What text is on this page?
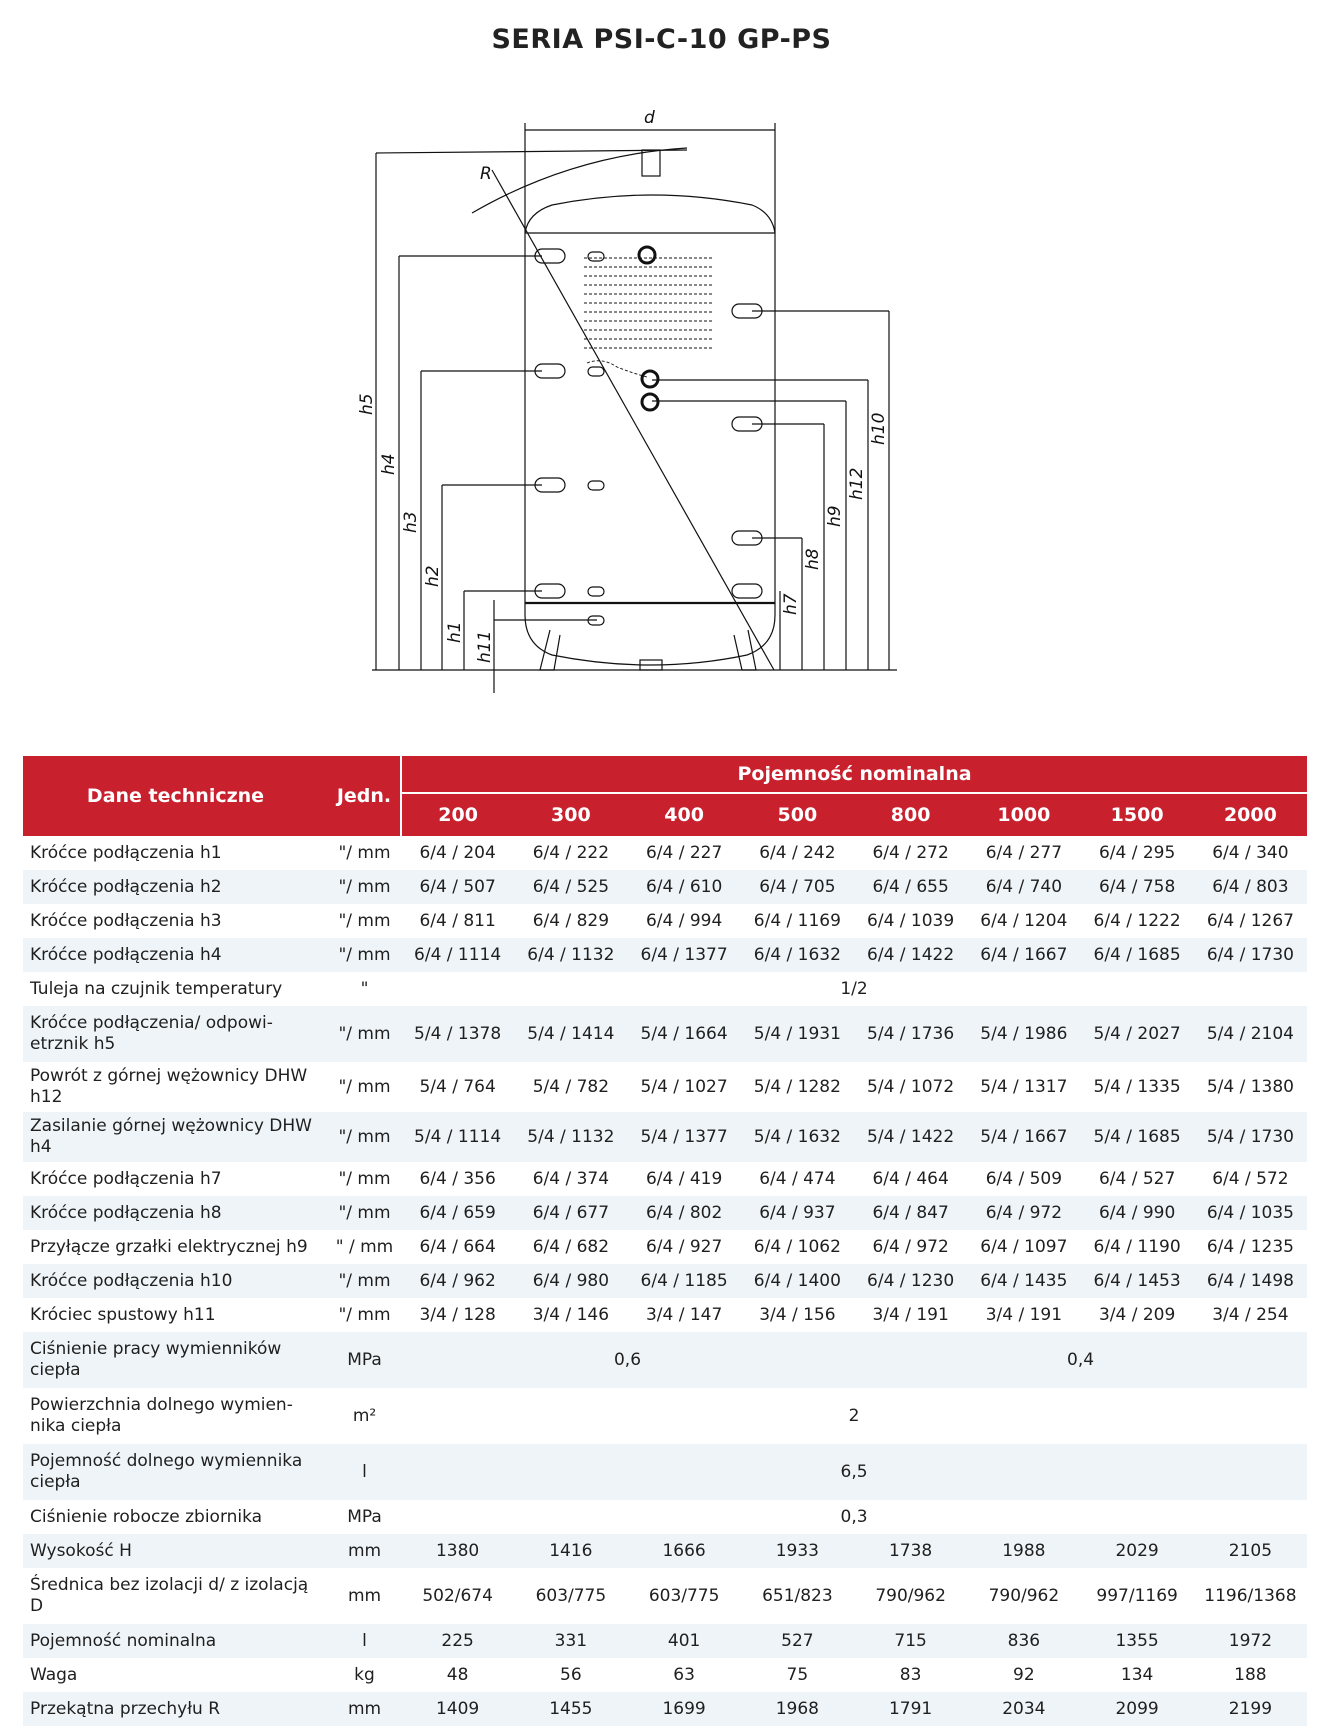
SERIA PSI-C-10 GP-PS
d
R
h5
h4
h3
h2
h1 h11
h7
h8
h9
h12
h10
Dane techniczne	Jedn.	Pojemność nominalna							
		200	300	400	500	800	1000	1500	2000
Króćce podłączenia h1	"/ mm	6/4 / 204	6/4 / 222	6/4 / 227	6/4 / 242	6/4 / 272	6/4 / 277	6/4 / 295	6/4 / 340
Króćce podłączenia h2	"/ mm	6/4 / 507	6/4 / 525	6/4 / 610	6/4 / 705	6/4 / 655	6/4 / 740	6/4 / 758	6/4 / 803
Króćce podłączenia h3	"/ mm	6/4 / 811	6/4 / 829	6/4 / 994	6/4 / 1169	6/4 / 1039	6/4 / 1204	6/4 / 1222	6/4 / 1267
Króćce podłączenia h4	"/ mm	6/4 / 1114	6/4 / 1132	6/4 / 1377	6/4 / 1632	6/4 / 1422	6/4 / 1667	6/4 / 1685	6/4 / 1730
Tuleja na czujnik temperatury	"	1/2							
Króćce podłączenia/ odpowi-etrznik h5	"/ mm	5/4 / 1378	5/4 / 1414	5/4 / 1664	5/4 / 1931	5/4 / 1736	5/4 / 1986	5/4 / 2027	5/4 / 2104
Powrót z górnej wężownicy DHW h12	"/ mm	5/4 / 764	5/4 / 782	5/4 / 1027	5/4 / 1282	5/4 / 1072	5/4 / 1317	5/4 / 1335	5/4 / 1380
Zasilanie górnej wężownicy DHW h4	"/ mm	5/4 / 1114	5/4 / 1132	5/4 / 1377	5/4 / 1632	5/4 / 1422	5/4 / 1667	5/4 / 1685	5/4 / 1730
Króćce podłączenia h7	"/ mm	6/4 / 356	6/4 / 374	6/4 / 419	6/4 / 474	6/4 / 464	6/4 / 509	6/4 / 527	6/4 / 572
Króćce podłączenia h8	"/ mm	6/4 / 659	6/4 / 677	6/4 / 802	6/4 / 937	6/4 / 847	6/4 / 972	6/4 / 990	6/4 / 1035
Przyłącze grzałki elektrycznej h9	" / mm	6/4 / 664	6/4 / 682	6/4 / 927	6/4 / 1062	6/4 / 972	6/4 / 1097	6/4 / 1190	6/4 / 1235
Króćce podłączenia h10	"/ mm	6/4 / 962	6/4 / 980	6/4 / 1185	6/4 / 1400	6/4 / 1230	6/4 / 1435	6/4 / 1453	6/4 / 1498
Króciec spustowy h11	"/ mm	3/4 / 128	3/4 / 146	3/4 / 147	3/4 / 156	3/4 / 191	3/4 / 191	3/4 / 209	3/4 / 254
Ciśnienie pracy wymienników ciepła	MPa	0,6				0,4			
Powierzchnia dolnego wymien-nika ciepła	m²	2							
Pojemność dolnego wymiennika ciepła	l	6,5							
Ciśnienie robocze zbiornika	MPa	0,3							
Wysokość H	mm	1380	1416	1666	1933	1738	1988	2029	2105
Średnica bez izolacji d/ z izolacją D	mm	502/674	603/775	603/775	651/823	790/962	790/962	997/1169	1196/1368
Pojemność nominalna	l	225	331	401	527	715	836	1355	1972
Waga	kg	48	56	63	75	83	92	134	188
Przekątna przechyłu R	mm	1409	1455	1699	1968	1791	2034	2099	2199
